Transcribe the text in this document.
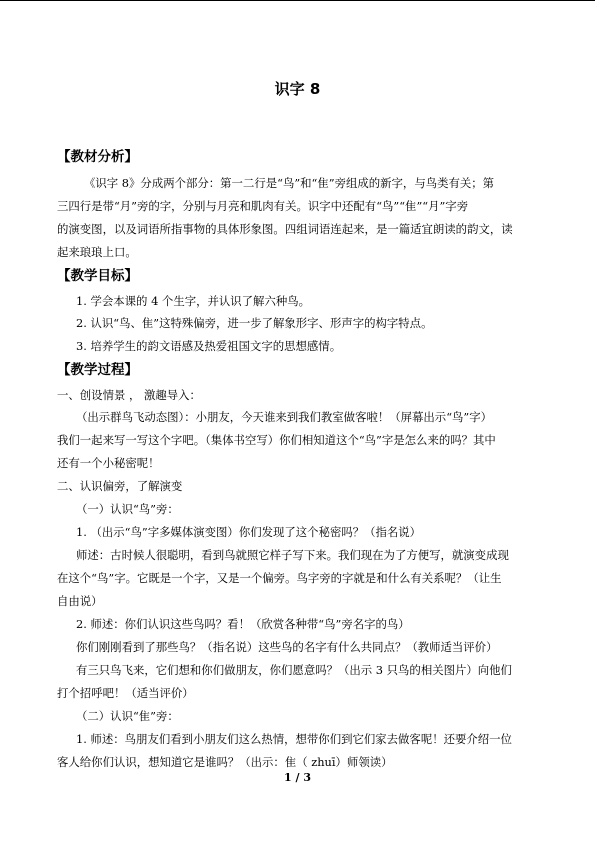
识字 8
【教材分析】
《识字 8》分成两个部分：第一二行是“鸟”和“隹”旁组成的新字，与鸟类有关；第
三四行是带“月”旁的字，分别与月亮和肌肉有关。识字中还配有“鸟”“隹”“月”字旁
的演变图，以及词语所指事物的具体形象图。四组词语连起来，是一篇适宜朗读的韵文，读
起来琅琅上口。
【教学目标】
1. 学会本课的 4 个生字，并认识了解六种鸟。
2. 认识“鸟、隹”这特殊偏旁，进一步了解象形字、形声字的构字特点。
3. 培养学生的韵文语感及热爱祖国文字的思想感情。
【教学过程】
一、创设情景 ， 激趣导入：
（出示群鸟飞动态图）：小朋友，今天谁来到我们教室做客啦！（屏幕出示“鸟”字）
我们一起来写一写这个字吧。（集体书空写）你们相知道这个“鸟”字是怎么来的吗？其中
还有一个小秘密呢！
二、认识偏旁，了解演变
（一）认识“鸟”旁：
1. （出示“鸟”字多媒体演变图）你们发现了这个秘密吗？（指名说）
师述：古时候人很聪明，看到鸟就照它样子写下来。我们现在为了方便写，就演变成现
在这个“鸟”字。它既是一个字，又是一个偏旁。鸟字旁的字就是和什么有关系呢？（让生
自由说）
2. 师述：你们认识这些鸟吗？看！（欣赏各种带“鸟”旁名字的鸟）
你们刚刚看到了那些鸟？（指名说）这些鸟的名字有什么共同点？（教师适当评价）
有三只鸟飞来，它们想和你们做朋友，你们愿意吗？（出示 3 只鸟的相关图片）向他们
打个招呼吧！（适当评价）
（二）认识“隹”旁：
1. 师述：鸟朋友们看到小朋友们这么热情，想带你们到它们家去做客呢！还要介绍一位
客人给你们认识，想知道它是谁吗？（出示：隹（ zhuī）师领读）
1 / 3
